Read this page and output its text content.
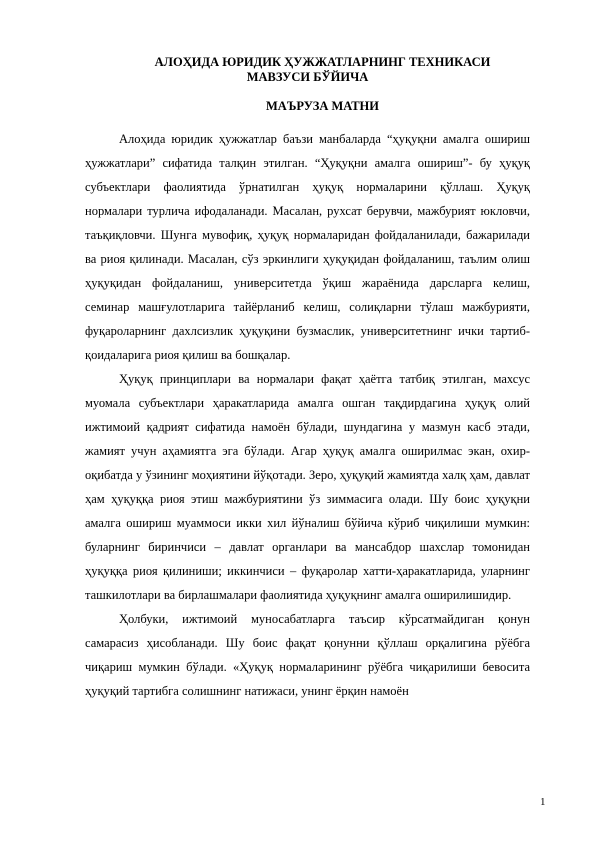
АЛОҲИДА ЮРИДИК ҲУЖЖАТЛАРНИНГ ТЕХНИКАСИ

МАВЗУСИ БЎЙИЧА

МАЪРУЗА МАТНИ

Алоҳида юридик ҳужжатлар баъзи манбаларда “ҳуқуқни амалга ошириш ҳужжатлари” сифатида талқин этилган. “Ҳуқуқни амалга ошириш”- бу ҳуқуқ субъектлари фаолиятида ўрнатилган ҳуқуқ нормаларини қўллаш. Ҳуқуқ нормалари турлича ифодаланади. Масалан, рухсат берувчи, мажбурият юкловчи, таъқиқловчи. Шунга мувофиқ, ҳуқуқ нормаларидан фойдаланилади, бажарилади ва риоя қилинади. Масалан, сўз эркинлиги ҳуқуқидан фойдаланиш, таълим олиш ҳуқуқидан фойдаланиш, университетда ўқиш жараёнида дарсларга келиш, семинар машғулотларига тайёрланиб келиш, солиқларни тўлаш мажбурияти, фуқароларнинг дахлсизлик ҳуқуқини бузмаслик, университетнинг ички тартиб-қоидаларига риоя қилиш ва бошқалар.

Ҳуқуқ принциплари ва нормалари фақат ҳаётга татбиқ этилган, махсус муомала субъектлари ҳаракатларида амалга ошган тақдирдагина ҳуқуқ олий ижтимоий қадрият сифатида намоён бўлади, шундагина у мазмун касб этади, жамият учун аҳамиятга эга бўлади. Агар ҳуқуқ амалга оширилмас экан, охир-оқибатда у ўзининг моҳиятини йўқотади. Зеро, ҳуқуқий жамиятда халқ ҳам, давлат ҳам ҳуқуққа риоя этиш мажбуриятини ўз зиммасига олади. Шу боис ҳуқуқни амалга ошириш муаммоси икки хил йўналиш бўйича кўриб чиқилиши мумкин: буларнинг биринчиси – давлат органлари ва мансабдор шахслар томонидан ҳуқуққа риоя қилиниши; иккинчиси – фуқаролар хатти-ҳаракатларида, уларнинг ташкилотлари ва бирлашмалари фаолиятида ҳуқуқнинг амалга оширилишидир.

Ҳолбуки, ижтимоий муносабатларга таъсир кўрсатмайдиган қонун самарасиз ҳисобланади. Шу боис фақат қонунни қўллаш орқалигина рўёбга чиқариш мумкин бўлади. «Ҳуқуқ нормаларининг рўёбга чиқарилиши бевосита ҳуқуқий тартибга солишнинг натижаси, унинг ёрқин намоён

1
